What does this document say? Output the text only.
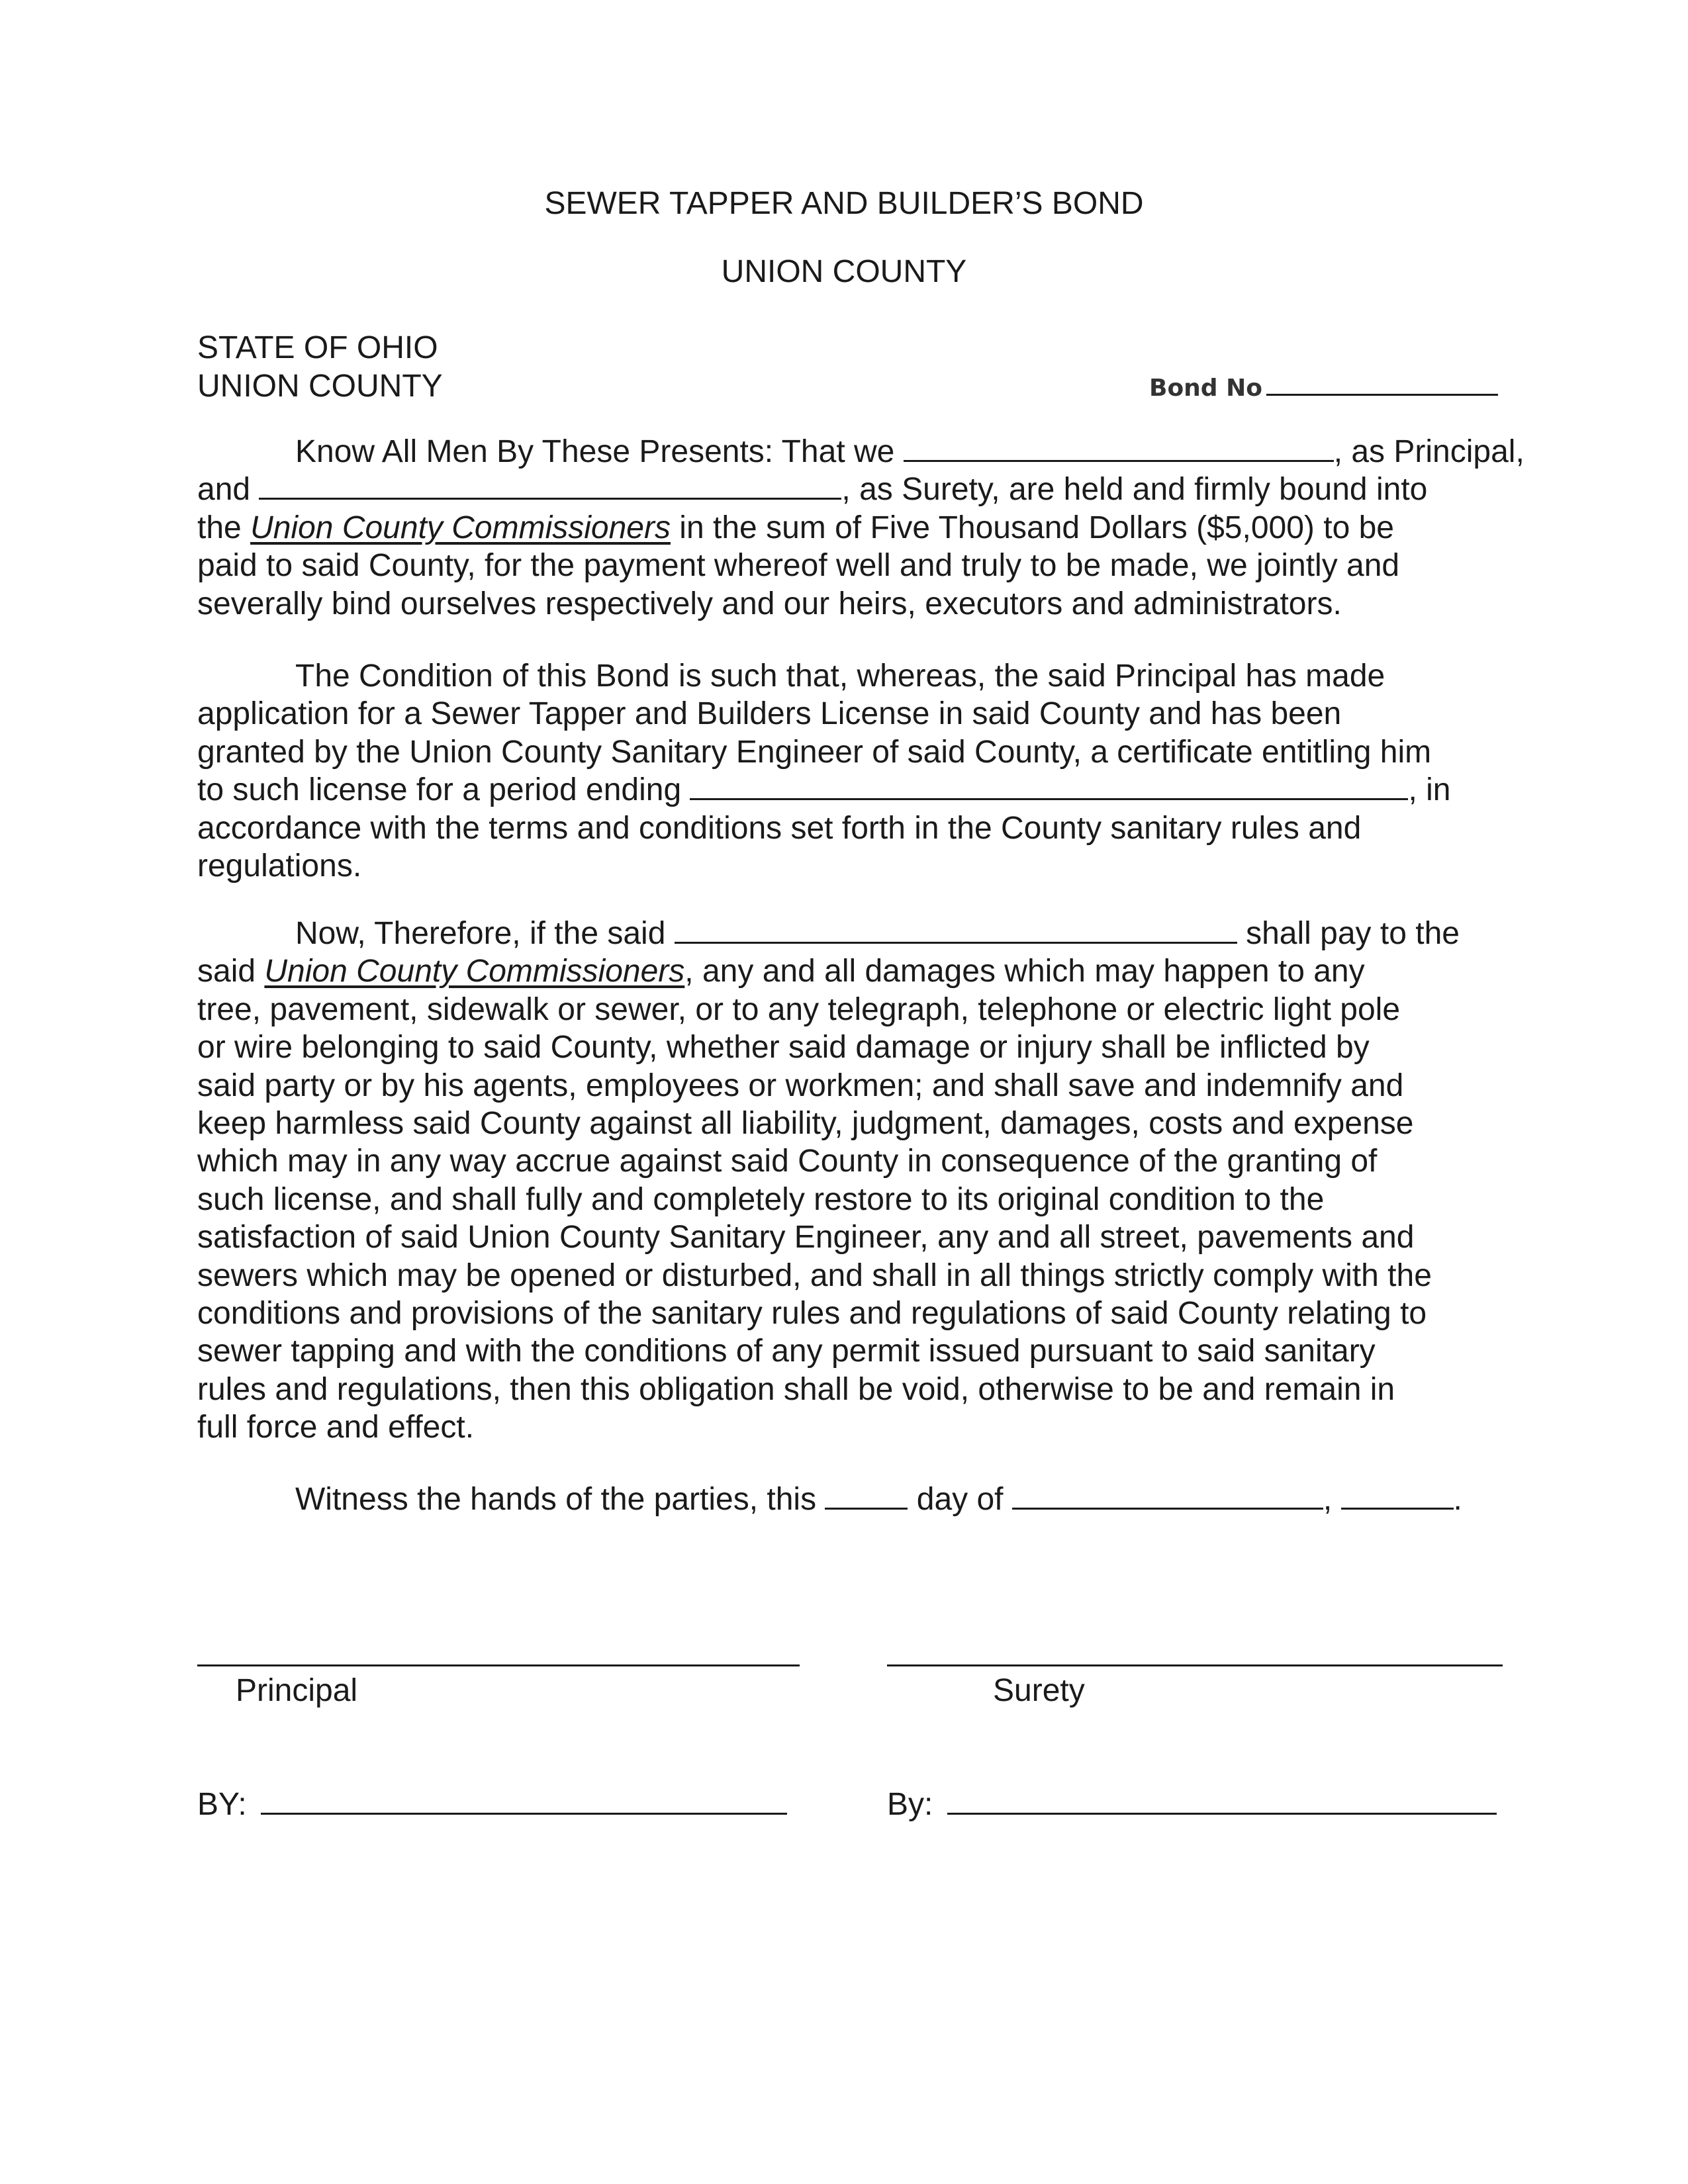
SEWER TAPPER AND BUILDER’S BOND
UNION COUNTY
STATE OF OHIO
UNION COUNTY	Bond No
Know All Men By These Presents: That we	, as Principal,
and	, as Surety, are held and firmly bound into
the Union County Commissioners in the sum of Five Thousand Dollars ($5,000) to be
paid to said County, for the payment whereof well and truly to be made, we jointly and
severally bind ourselves respectively and our heirs, executors and administrators.
The Condition of this Bond is such that, whereas, the said Principal has made
application for a Sewer Tapper and Builders License in said County and has been
granted by the Union County Sanitary Engineer of said County, a certificate entitling him
to such license for a period ending	, in
accordance with the terms and conditions set forth in the County sanitary rules and
regulations.
Now, Therefore, if the said	shall pay to the
said Union County Commissioners, any and all damages which may happen to any
tree, pavement, sidewalk or sewer, or to any telegraph, telephone or electric light pole
or wire belonging to said County, whether said damage or injury shall be inflicted by
said party or by his agents, employees or workmen; and shall save and indemnify and
keep harmless said County against all liability, judgment, damages, costs and expense
which may in any way accrue against said County in consequence of the granting of
such license, and shall fully and completely restore to its original condition to the
satisfaction of said Union County Sanitary Engineer, any and all street, pavements and
sewers which may be opened or disturbed, and shall in all things strictly comply with the
conditions and provisions of the sanitary rules and regulations of said County relating to
sewer tapping and with the conditions of any permit issued pursuant to said sanitary
rules and regulations, then this obligation shall be void, otherwise to be and remain in
full force and effect.
Witness the hands of the parties, this	day of	,	.
Principal	Surety
BY:	By:
